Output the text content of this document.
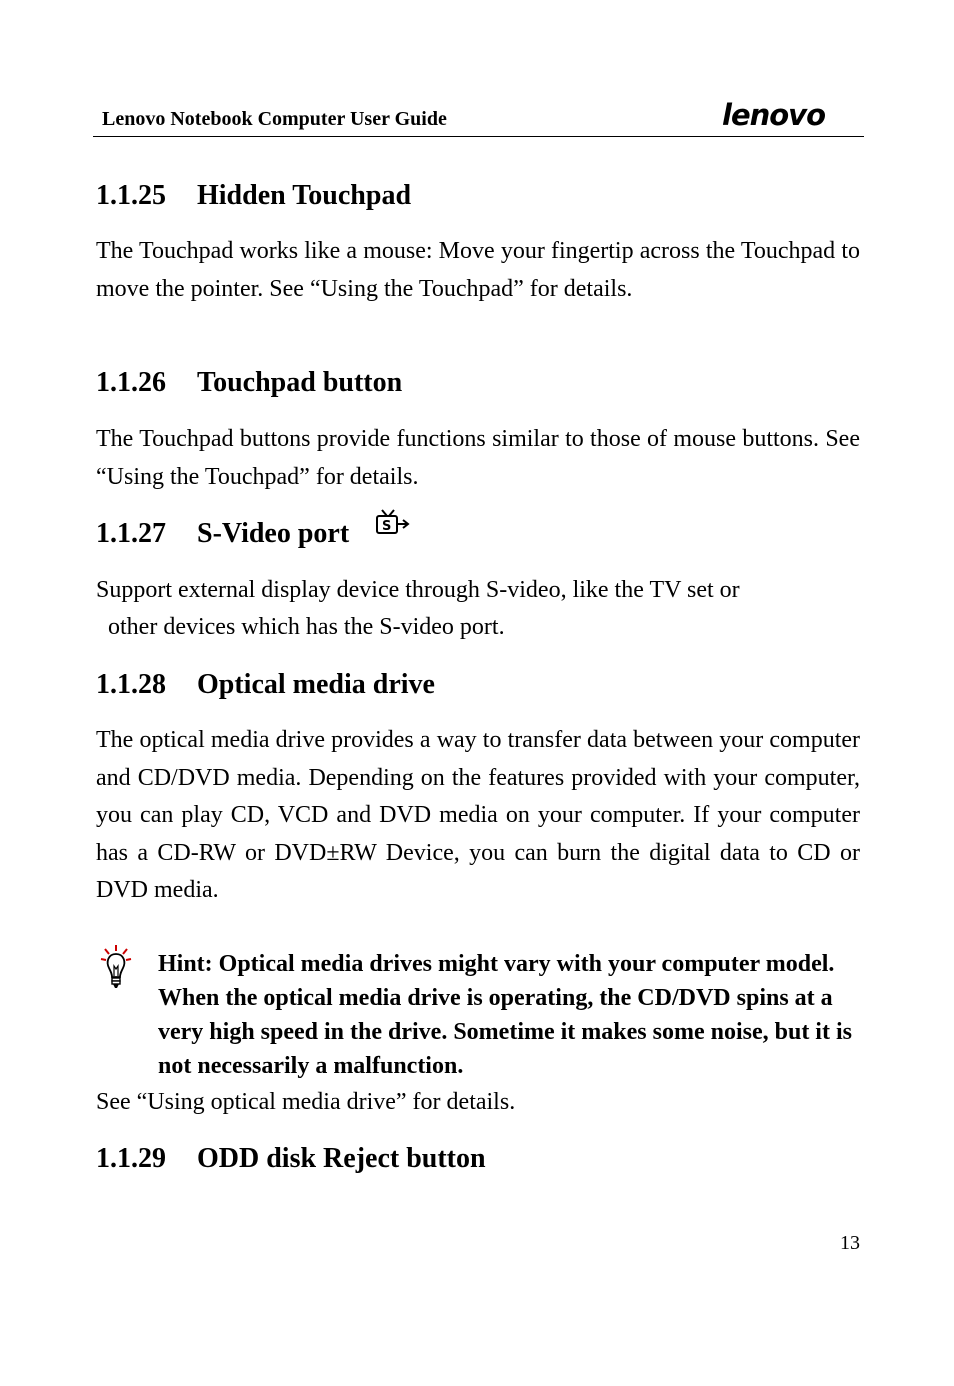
Lenovo Notebook Computer User Guide	lenovo
1.1.25 Hidden Touchpad
The Touchpad works like a mouse: Move your fingertip across the Touchpad to move the pointer. See “Using the Touchpad” for details.
1.1.26 Touchpad button
The Touchpad buttons provide functions similar to those of mouse buttons. See “Using the Touchpad” for details.
1.1.27 S-Video port	S
Support external display device through S-video, like the TV set or
other devices which has the S-video port.
1.1.28 Optical media drive
The optical media drive provides a way to transfer data between your computer and CD/DVD media. Depending on the features provided with your computer, you can play CD, VCD and DVD media on your computer. If your computer has a CD-RW or DVD±RW Device, you can burn the digital data to CD or DVD media.
See “Using optical media drive” for details.
1.1.29 ODD disk Reject button
Hint: Optical media drives might vary with your computer model. When the optical media drive is operating, the CD/DVD spins at a very high speed in the drive. Sometime it makes some noise, but it is not necessarily a malfunction.
13
